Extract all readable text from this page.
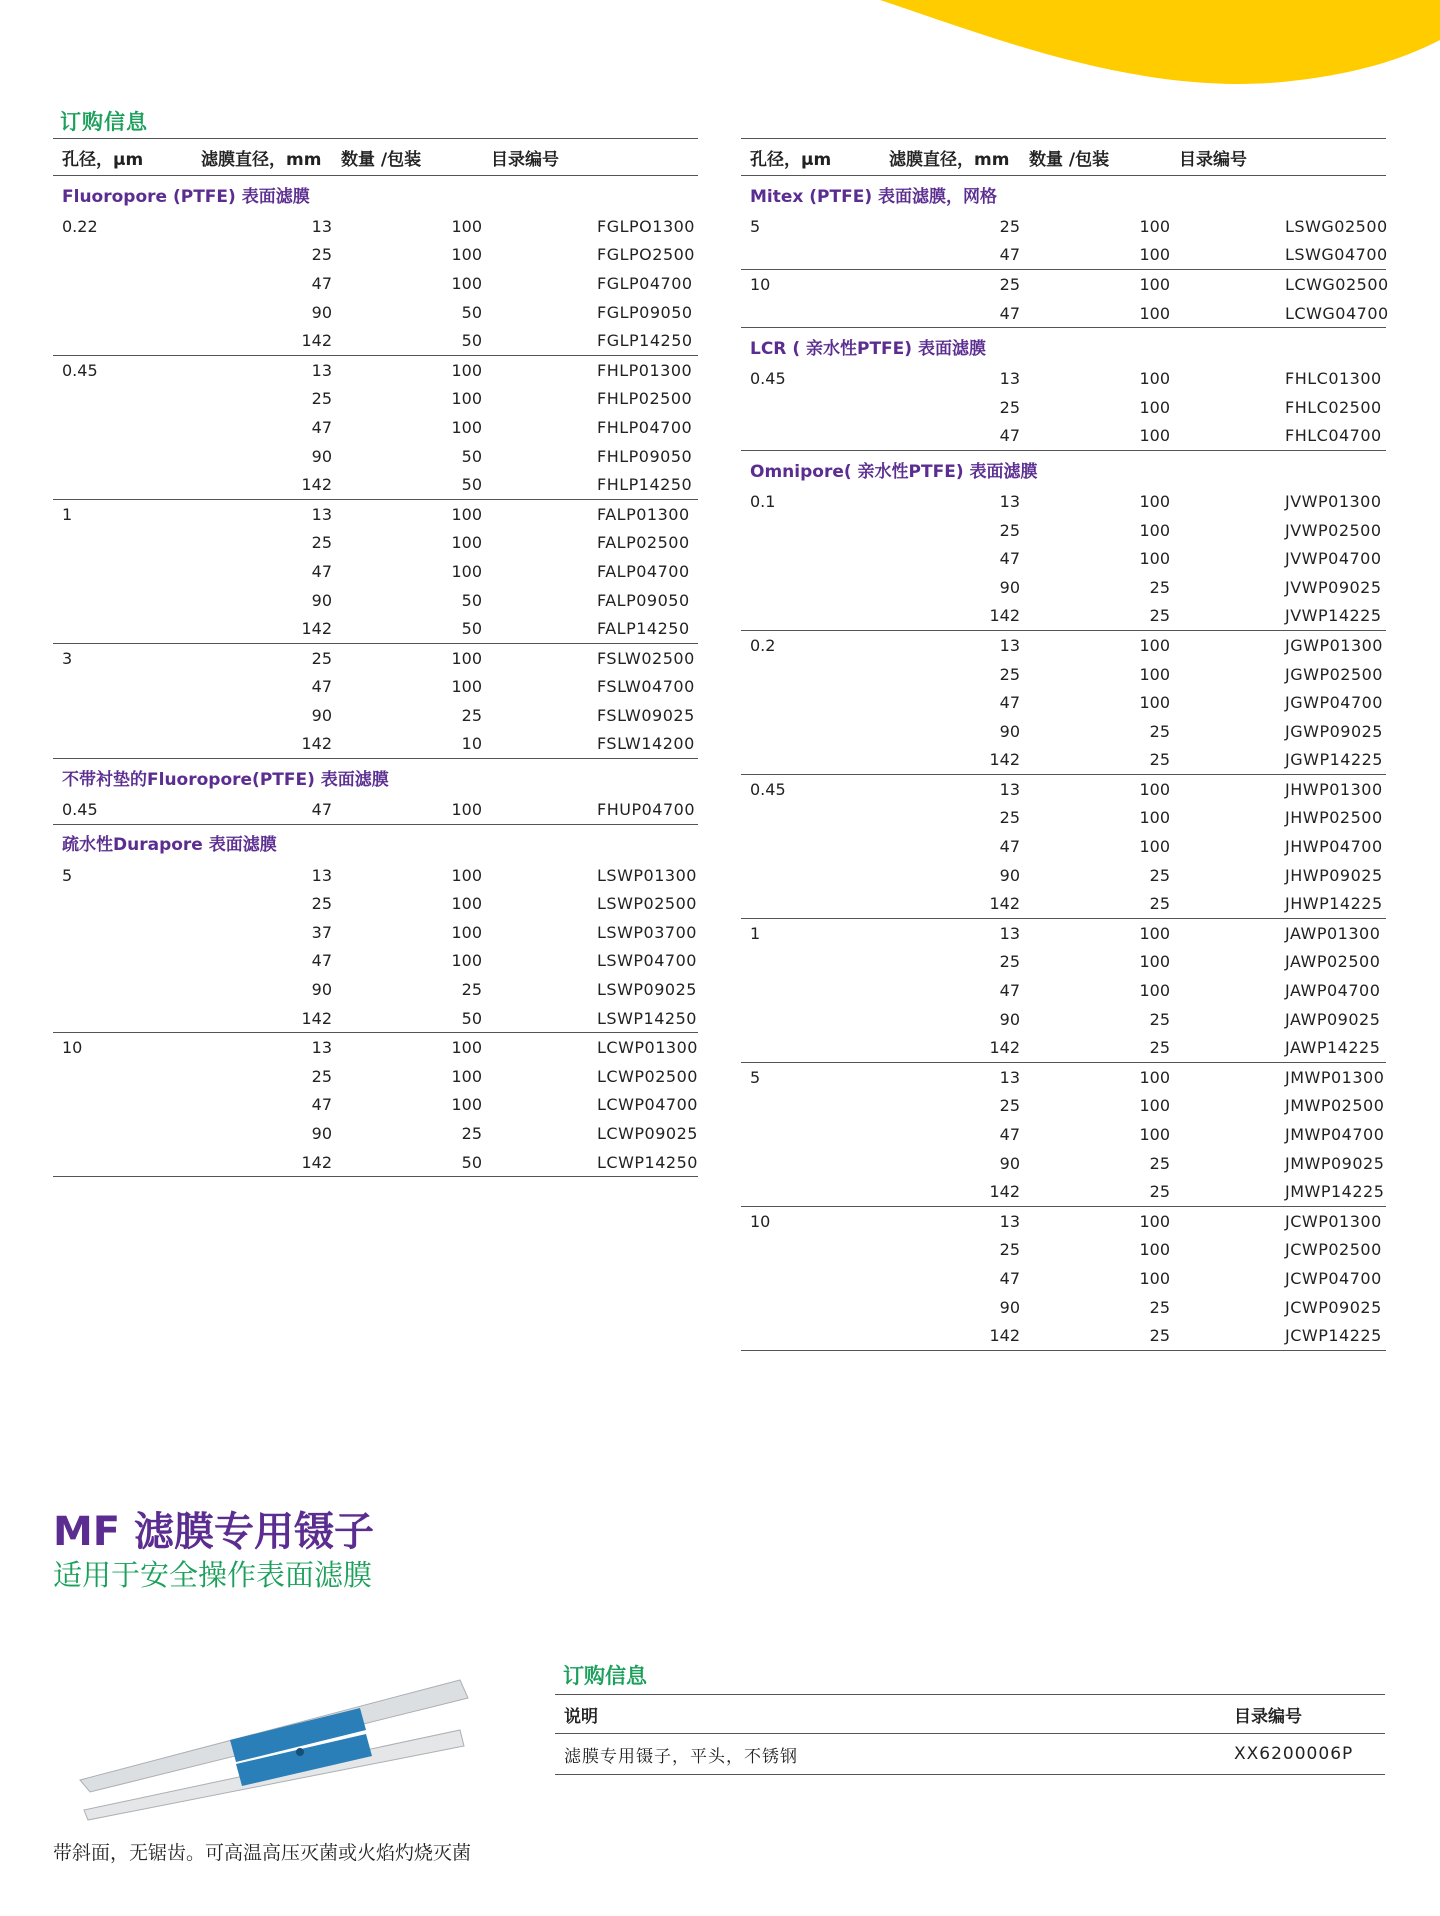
订购信息
孔径，μm	滤膜直径，mm	数量 /包装	目录编号
Fluoropore (PTFE) 表面滤膜			
0.22	13	100	FGLPO1300
	25	100	FGLPO2500
	47	100	FGLP04700
	90	50	FGLP09050
	142	50	FGLP14250
0.45	13	100	FHLP01300
	25	100	FHLP02500
	47	100	FHLP04700
	90	50	FHLP09050
	142	50	FHLP14250
1	13	100	FALP01300
	25	100	FALP02500
	47	100	FALP04700
	90	50	FALP09050
	142	50	FALP14250
3	25	100	FSLW02500
	47	100	FSLW04700
	90	25	FSLW09025
	142	10	FSLW14200
不带衬垫的Fluoropore(PTFE) 表面滤膜			
0.45	47	100	FHUP04700
疏水性Durapore 表面滤膜			
5	13	100	LSWP01300
	25	100	LSWP02500
	37	100	LSWP03700
	47	100	LSWP04700
	90	25	LSWP09025
	142	50	LSWP14250
10	13	100	LCWP01300
	25	100	LCWP02500
	47	100	LCWP04700
	90	25	LCWP09025
	142	50	LCWP14250
孔径，μm	滤膜直径，mm	数量 /包装	目录编号
Mitex (PTFE) 表面滤膜，网格			
5	25	100	LSWG02500
	47	100	LSWG04700
10	25	100	LCWG02500
	47	100	LCWG04700
LCR ( 亲水性PTFE) 表面滤膜			
0.45	13	100	FHLC01300
	25	100	FHLC02500
	47	100	FHLC04700
Omnipore( 亲水性PTFE) 表面滤膜			
0.1	13	100	JVWP01300
	25	100	JVWP02500
	47	100	JVWP04700
	90	25	JVWP09025
	142	25	JVWP14225
0.2	13	100	JGWP01300
	25	100	JGWP02500
	47	100	JGWP04700
	90	25	JGWP09025
	142	25	JGWP14225
0.45	13	100	JHWP01300
	25	100	JHWP02500
	47	100	JHWP04700
	90	25	JHWP09025
	142	25	JHWP14225
1	13	100	JAWP01300
	25	100	JAWP02500
	47	100	JAWP04700
	90	25	JAWP09025
	142	25	JAWP14225
5	13	100	JMWP01300
	25	100	JMWP02500
	47	100	JMWP04700
	90	25	JMWP09025
	142	25	JMWP14225
10	13	100	JCWP01300
	25	100	JCWP02500
	47	100	JCWP04700
	90	25	JCWP09025
	142	25	JCWP14225
MF 滤膜专用镊子
适用于安全操作表面滤膜
带斜面，无锯齿。可高温高压灭菌或火焰灼烧灭菌
订购信息
说明	目录编号
滤膜专用镊子，平头，不锈钢	XX6200006P
